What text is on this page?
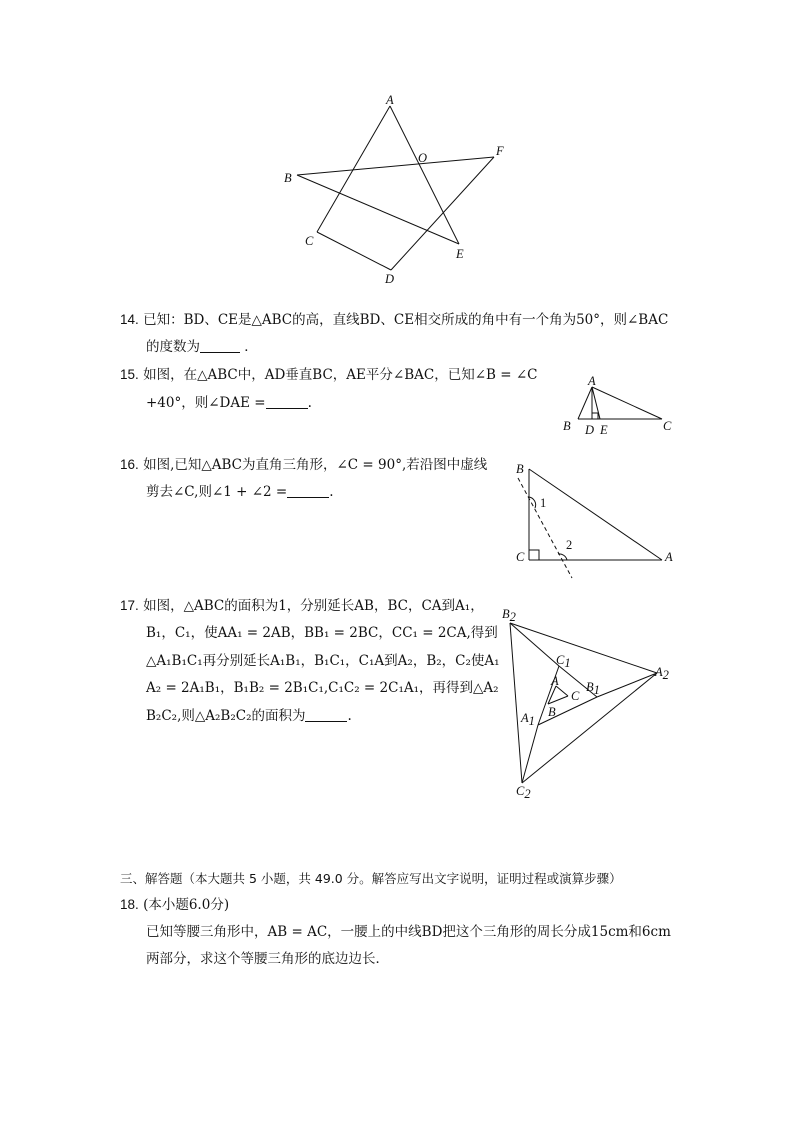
A
O	F
B
C
D
E
14. 已知：BD、CE是△ABC的高，直线BD、CE相交所成的角中有一个角为50°，则∠BAC
的度数为	．
15. 如图，在△ABC中，AD垂直BC，AE平分∠BAC，已知∠B = ∠C
+40°，则∠DAE =	.
A
B D E	C
16. 如图,已知△ABC为直角三角形，∠C = 90°,若沿图中虚线
剪去∠C,则∠1 + ∠2 =	.
B
1
2
C	A
17. 如图，△ABC的面积为1，分别延长AB，BC，CA到A₁，
B₁，C₁，使AA₁ = 2AB，BB₁ = 2BC，CC₁ = 2CA,得到
△A₁B₁C₁再分别延长A₁B₁，B₁C₁，C₁A到A₂，B₂，C₂使A₁
A₂ = 2A₁B₁，B₁B₂ = 2B₁C₁,C₁C₂ = 2C₁A₁，再得到△A₂
B₂C₂,则△A₂B₂C₂的面积为	.
B2
C1
A2
A B1
C
A1
B
C2
三、解答题（本大题共 5 小题，共 49.0 分。解答应写出文字说明，证明过程或演算步骤）
18. (本小题6.0分)
已知等腰三角形中，AB = AC，一腰上的中线BD把这个三角形的周长分成15cm和6cm
两部分，求这个等腰三角形的底边边长．
